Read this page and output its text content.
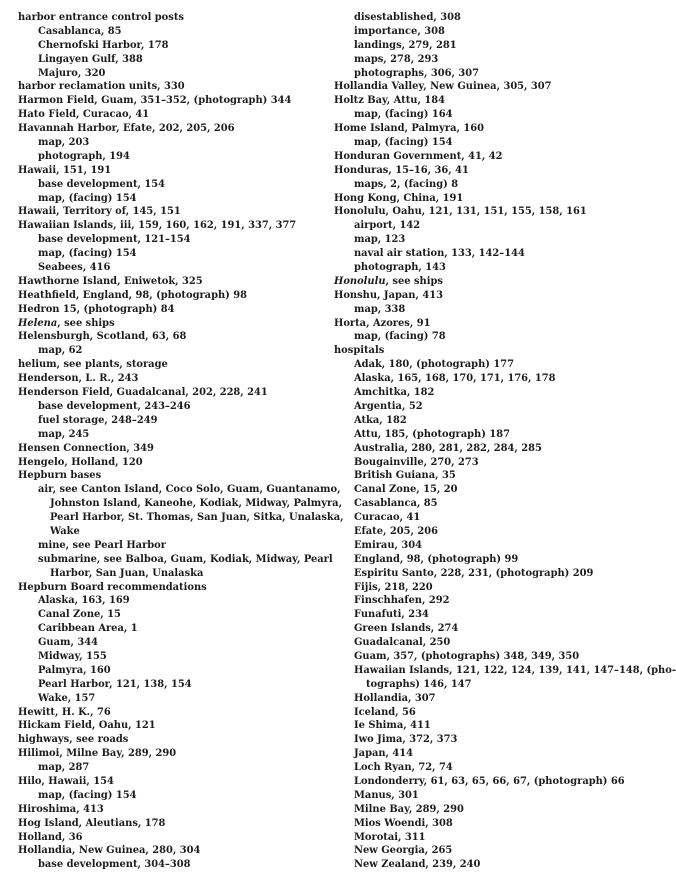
harbor entrance control posts
Casablanca, 85
Chernofski Harbor, 178
Lingayen Gulf, 388
Majuro, 320
harbor reclamation units, 330
Harmon Field, Guam, 351–352, (photograph) 344
Hato Field, Curacao, 41
Havannah Harbor, Efate, 202, 205, 206
map, 203
photograph, 194
Hawaii, 151, 191
base development, 154
map, (facing) 154
Hawaii, Territory of, 145, 151
Hawaiian Islands, iii, 159, 160, 162, 191, 337, 377
base development, 121–154
map, (facing) 154
Seabees, 416
Hawthorne Island, Eniwetok, 325
Heathfield, England, 98, (photograph) 98
Hedron 15, (photograph) 84
Helena, see ships
Helensburgh, Scotland, 63, 68
map, 62
helium, see plants, storage
Henderson, L. R., 243
Henderson Field, Guadalcanal, 202, 228, 241
base development, 243–246
fuel storage, 248–249
map, 245
Hensen Connection, 349
Hengelo, Holland, 120
Hepburn bases
air, see Canton Island, Coco Solo, Guam, Guantanamo,
Johnston Island, Kaneohe, Kodiak, Midway, Palmyra,
Pearl Harbor, St. Thomas, San Juan, Sitka, Unalaska,
Wake
mine, see Pearl Harbor
submarine, see Balboa, Guam, Kodiak, Midway, Pearl
Harbor, San Juan, Unalaska
Hepburn Board recommendations
Alaska, 163, 169
Canal Zone, 15
Caribbean Area, 1
Guam, 344
Midway, 155
Palmyra, 160
Pearl Harbor, 121, 138, 154
Wake, 157
Hewitt, H. K., 76
Hickam Field, Oahu, 121
highways, see roads
Hilimoi, Milne Bay, 289, 290
map, 287
Hilo, Hawaii, 154
map, (facing) 154
Hiroshima, 413
Hog Island, Aleutians, 178
Holland, 36
Hollandia, New Guinea, 280, 304
base development, 304–308
disestablished, 308
importance, 308
landings, 279, 281
maps, 278, 293
photographs, 306, 307
Hollandia Valley, New Guinea, 305, 307
Holtz Bay, Attu, 184
map, (facing) 164
Home Island, Palmyra, 160
map, (facing) 154
Honduran Government, 41, 42
Honduras, 15–16, 36, 41
maps, 2, (facing) 8
Hong Kong, China, 191
Honolulu, Oahu, 121, 131, 151, 155, 158, 161
airport, 142
map, 123
naval air station, 133, 142–144
photograph, 143
Honolulu, see ships
Honshu, Japan, 413
map, 338
Horta, Azores, 91
map, (facing) 78
hospitals
Adak, 180, (photograph) 177
Alaska, 165, 168, 170, 171, 176, 178
Amchitka, 182
Argentia, 52
Atka, 182
Attu, 185, (photograph) 187
Australia, 280, 281, 282, 284, 285
Bougainville, 270, 273
British Guiana, 35
Canal Zone, 15, 20
Casablanca, 85
Curacao, 41
Efate, 205, 206
Emirau, 304
England, 98, (photograph) 99
Espiritu Santo, 228, 231, (photograph) 209
Fijis, 218, 220
Finschhafen, 292
Funafuti, 234
Green Islands, 274
Guadalcanal, 250
Guam, 357, (photographs) 348, 349, 350
Hawaiian Islands, 121, 122, 124, 139, 141, 147–148, (pho-
tographs) 146, 147
Hollandia, 307
Iceland, 56
Ie Shima, 411
Iwo Jima, 372, 373
Japan, 414
Loch Ryan, 72, 74
Londonderry, 61, 63, 65, 66, 67, (photograph) 66
Manus, 301
Milne Bay, 289, 290
Mios Woendi, 308
Morotai, 311
New Georgia, 265
New Zealand, 239, 240
